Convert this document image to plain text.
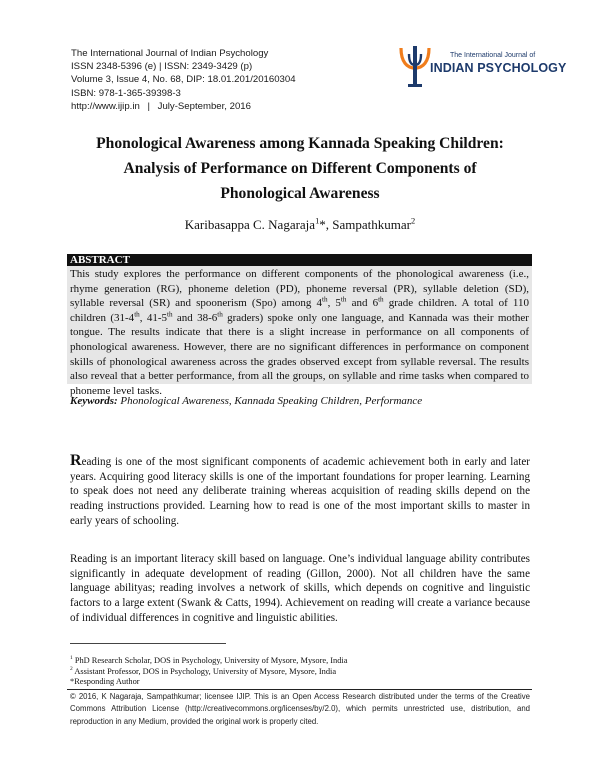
The International Journal of Indian Psychology
ISSN 2348-5396 (e) | ISSN: 2349-3429 (p)
Volume 3, Issue 4, No. 68, DIP: 18.01.201/20160304
ISBN: 978-1-365-39398-3
http://www.ijip.in | July-September, 2016
The International Journal of
INDIAN PSYCHOLOGY
Phonological Awareness among Kannada Speaking Children:
Analysis of Performance on Different Components of
Phonological Awareness
Karibasappa C. Nagaraja$^1$*, Sampathkumar$^2$
ABSTRACT
This study explores the performance on different components of the phonological awareness (i.e., rhyme generation (RG), phoneme deletion (PD), phoneme reversal (PR), syllable deletion (SD), syllable reversal (SR) and spoonerism (Spo) among 4th, 5th and 6th grade children. A total of 110 children (31-4th, 41-5th and 38-6th graders) spoke only one language, and Kannada was their mother tongue. The results indicate that there is a slight increase in performance on all components of phonological awareness. However, there are no significant differences in performance on component skills of phonological awareness across the grades observed except from syllable reversal. The results also reveal that a better performance, from all the groups, on syllable and rime tasks when compared to phoneme level tasks.
Keywords: Phonological Awareness, Kannada Speaking Children, Performance
Reading is one of the most significant components of academic achievement both in early and later years. Acquiring good literacy skills is one of the important foundations for proper learning. Learning to speak does not need any deliberate training whereas acquisition of reading skills depend on the reading instructions provided. Learning how to read is one of the most important skills to master in early years of schooling.
Reading is an important literacy skill based on language. One’s individual language ability contributes significantly in adequate development of reading (Gillon, 2000). Not all children have the same language abilityas; reading involves a network of skills, which depends on cognitive and linguistic factors to a large extent (Swank & Catts, 1994). Achievement on reading will create a variance because of individual differences in cognitive and linguistic abilities.
$^1$ PhD Research Scholar, DOS in Psychology, University of Mysore, Mysore, India
$^2$ Assistant Professor, DOS in Psychology, University of Mysore, Mysore, India
*Responding Author
© 2016, K Nagaraja, Sampathkumar; licensee IJIP. This is an Open Access Research distributed under the terms of the Creative Commons Attribution License (http://creativecommons.org/licenses/by/2.0), which permits unrestricted use, distribution, and reproduction in any Medium, provided the original work is properly cited.
